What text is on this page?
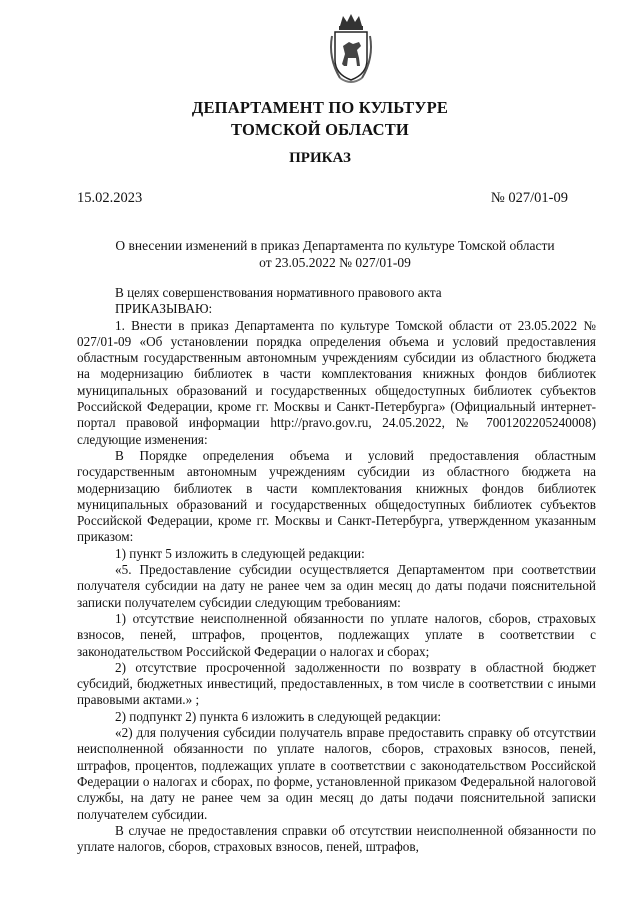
ДЕПАРТАМЕНТ ПО КУЛЬТУРЕ
ТОМСКОЙ ОБЛАСТИ
ПРИКАЗ
15.02.2023	№ 027/01-09
О внесении изменений в приказ Департамента по культуре Томской области
от 23.05.2022 № 027/01-09

В целях совершенствования нормативного правового акта

ПРИКАЗЫВАЮ:

1. Внести в приказ Департамента по культуре Томской области от 23.05.2022 № 027/01-09 «Об установлении порядка определения объема и условий предоставления областным государственным автономным учреждениям субсидии из областного бюджета на модернизацию библиотек в части комплектования книжных фондов библиотек муниципальных образований и государственных общедоступных библиотек субъектов Российской Федерации, кроме гг. Москвы и Санкт-Петербурга» (Официальный интернет-портал правовой информации http://pravo.gov.ru, 24.05.2022, № 7001202205240008) следующие изменения:

В Порядке определения объема и условий предоставления областным государственным автономным учреждениям субсидии из областного бюджета на модернизацию библиотек в части комплектования книжных фондов библиотек муниципальных образований и государственных общедоступных библиотек субъектов Российской Федерации, кроме гг. Москвы и Санкт-Петербурга, утвержденном указанным приказом:

1) пункт 5 изложить в следующей редакции:

«5. Предоставление субсидии осуществляется Департаментом при соответствии получателя субсидии на дату не ранее чем за один месяц до даты подачи пояснительной записки получателем субсидии следующим требованиям:

1) отсутствие неисполненной обязанности по уплате налогов, сборов, страховых взносов, пеней, штрафов, процентов, подлежащих уплате в соответствии с законодательством Российской Федерации о налогах и сборах;

2) отсутствие просроченной задолженности по возврату в областной бюджет субсидий, бюджетных инвестиций, предоставленных, в том числе в соответствии с иными правовыми актами.» ;

2) подпункт 2) пункта 6 изложить в следующей редакции:

«2) для получения субсидии получатель вправе предоставить справку об отсутствии неисполненной обязанности по уплате налогов, сборов, страховых взносов, пеней, штрафов, процентов, подлежащих уплате в соответствии с законодательством Российской Федерации о налогах и сборах, по форме, установленной приказом Федеральной налоговой службы, на дату не ранее чем за один месяц до даты подачи пояснительной записки получателем субсидии.

В случае не предоставления справки об отсутствии неисполненной обязанности по уплате налогов, сборов, страховых взносов, пеней, штрафов,
